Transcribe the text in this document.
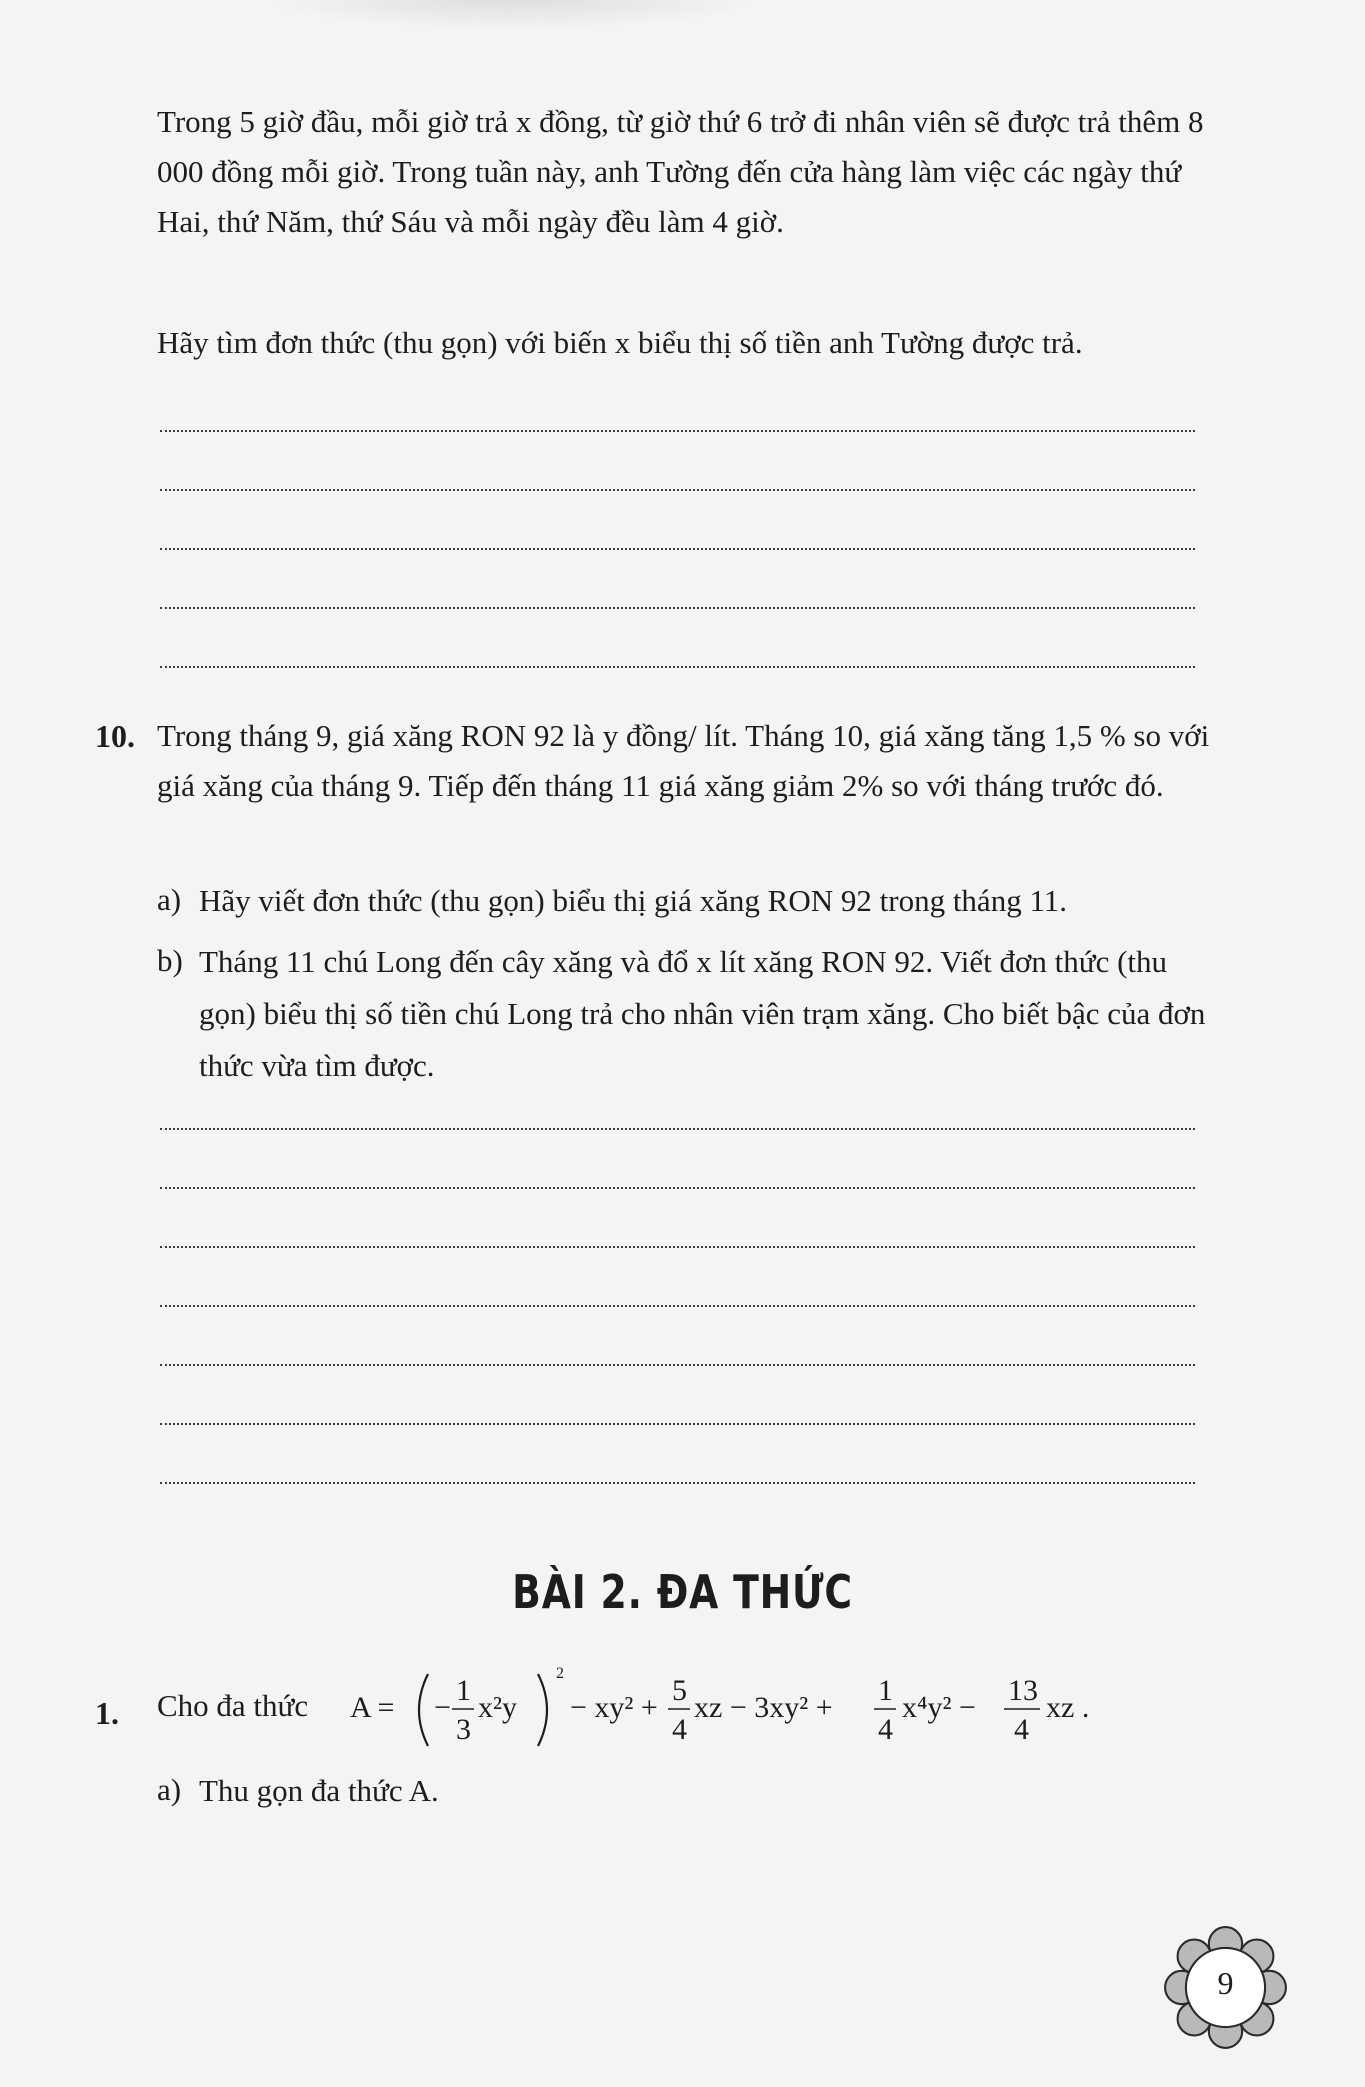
Trong 5 giờ đầu, mỗi giờ trả x đồng, từ giờ thứ 6 trở đi nhân viên sẽ được trả thêm 8 000 đồng mỗi giờ. Trong tuần này, anh Tường đến cửa hàng làm việc các ngày thứ Hai, thứ Năm, thứ Sáu và mỗi ngày đều làm 4 giờ.

Hãy tìm đơn thức (thu gọn) với biến x biểu thị số tiền anh Tường được trả.

10. Trong tháng 9, giá xăng RON 92 là y đồng/ lít. Tháng 10, giá xăng tăng 1,5 % so với giá xăng của tháng 9. Tiếp đến tháng 11 giá xăng giảm 2% so với tháng trước đó.

a) Hãy viết đơn thức (thu gọn) biểu thị giá xăng RON 92 trong tháng 11.

b) Tháng 11 chú Long đến cây xăng và đổ x lít xăng RON 92. Viết đơn thức (thu gọn) biểu thị số tiền chú Long trả cho nhân viên trạm xăng. Cho biết bậc của đơn thức vừa tìm được.

BÀI 2. ĐA THỨC
1. Cho đa thức A = −
1
3
x²y
2
− xy² +
5
4
xz − 3xy² +
1
4
x⁴y² −
13
4
xz .
a) Thu gọn đa thức A.

9
